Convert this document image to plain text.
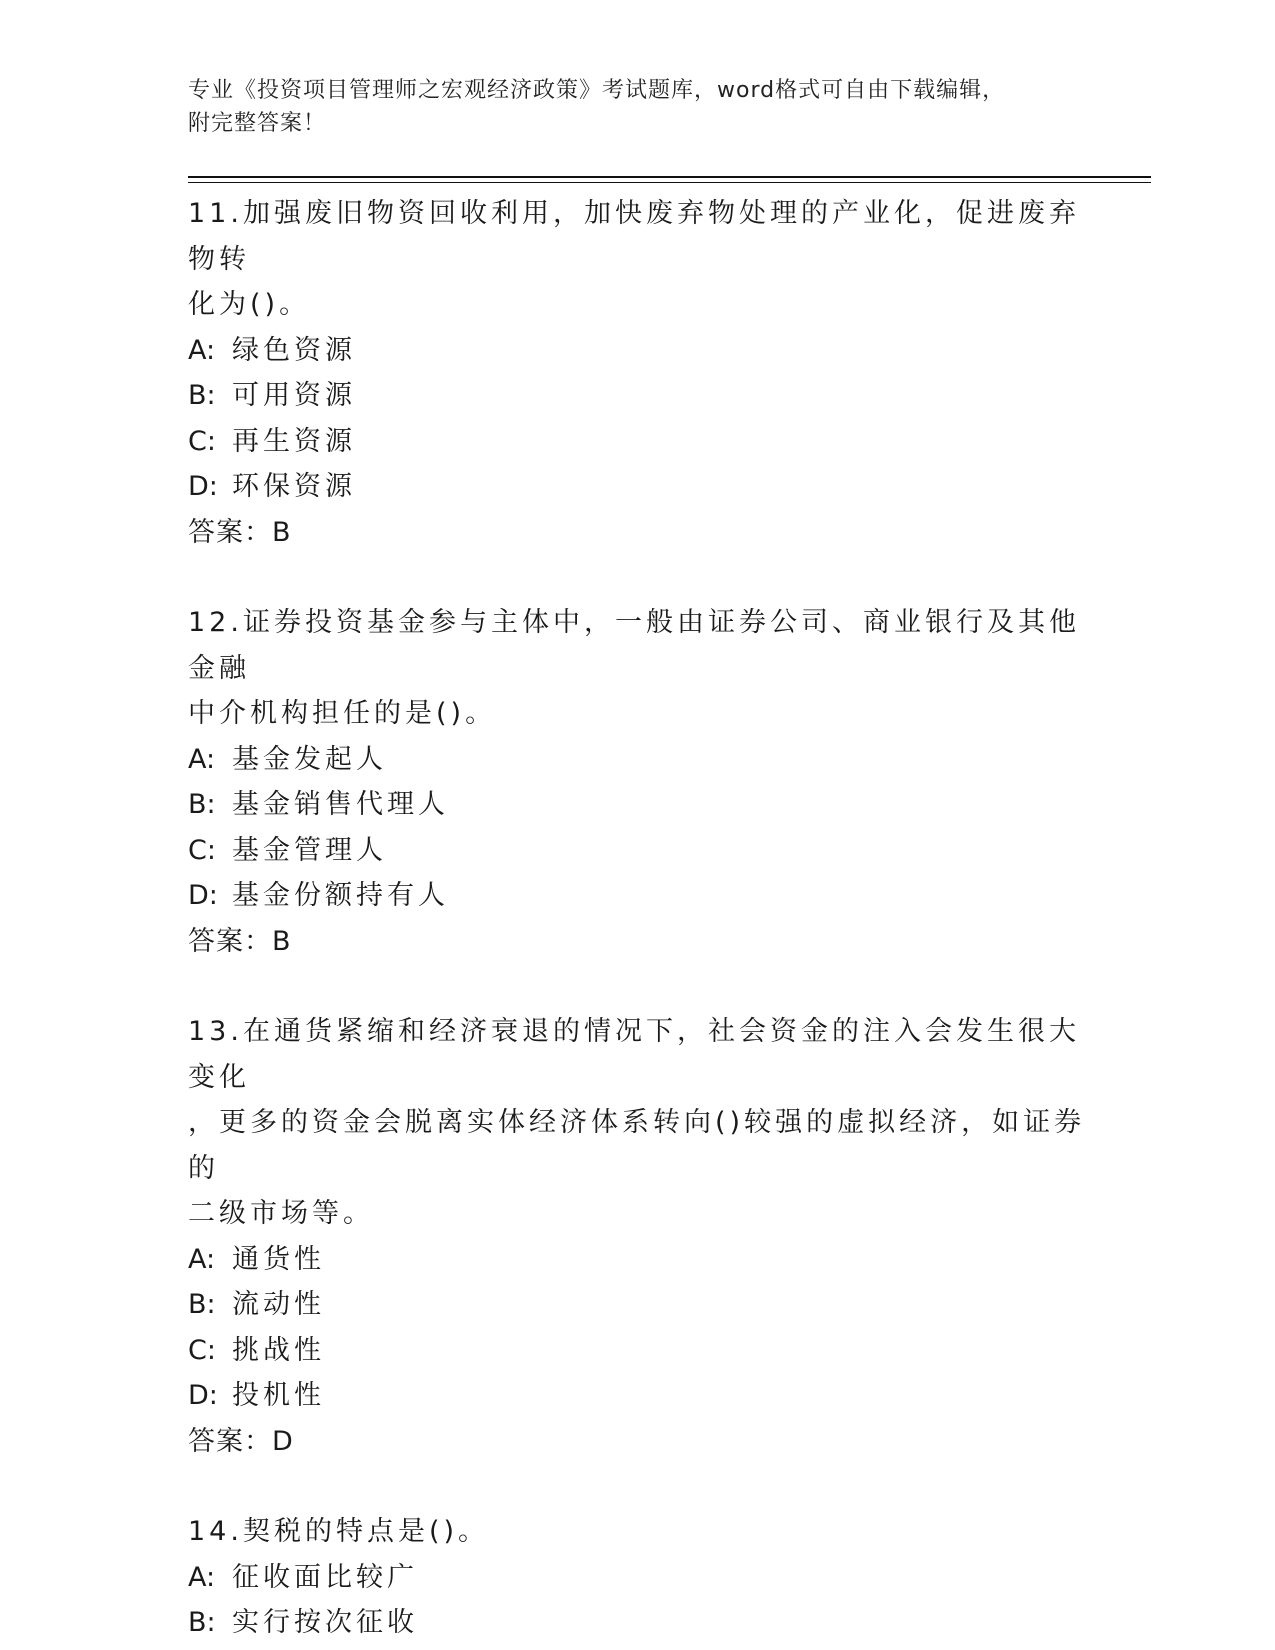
专业《投资项目管理师之宏观经济政策》考试题库，word格式可自由下载编辑，
附完整答案！

11.加强废旧物资回收利用，加快废弃物处理的产业化，促进废弃物转

化为()。

A: 绿色资源

B: 可用资源

C: 再生资源

D: 环保资源

答案：B

12.证券投资基金参与主体中，一般由证券公司、商业银行及其他金融

中介机构担任的是()。

A: 基金发起人

B: 基金销售代理人

C: 基金管理人

D: 基金份额持有人

答案：B

13.在通货紧缩和经济衰退的情况下，社会资金的注入会发生很大变化

，更多的资金会脱离实体经济体系转向()较强的虚拟经济，如证券的

二级市场等。

A: 通货性

B: 流动性

C: 挑战性

D: 投机性

答案：D

14.契税的特点是()。

A: 征收面比较广

B: 实行按次征收
